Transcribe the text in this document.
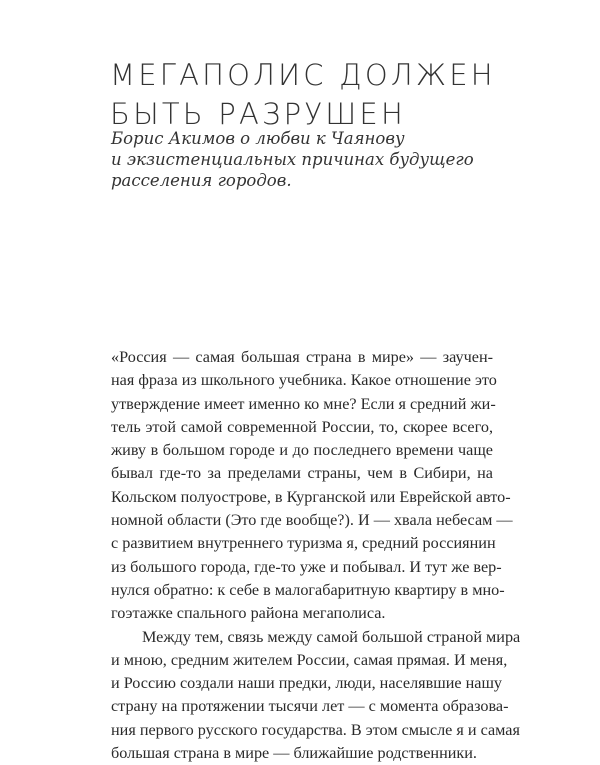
МЕГАПОЛИС ДОЛЖЕН
БЫТЬ РАЗРУШЕН
Борис Акимов о любви к Чаянову
и экзистенциальных причинах будущего
расселения городов.
«Россия — самая большая страна в мире» — заучен-
ная фраза из школьного учебника. Какое отношение это
утверждение имеет именно ко мне? Если я средний жи-
тель этой самой современной России, то, скорее всего,
живу в большом городе и до последнего времени чаще
бывал где-то за пределами страны, чем в Сибири, на
Кольском полуострове, в Курганской или Еврейской авто-
номной области (Это где вообще?). И — хвала небесам —
с развитием внутреннего туризма я, средний россиянин
из большого города, где-то уже и побывал. И тут же вер-
нулся обратно: к себе в малогабаритную квартиру в мно-
гоэтажке спального района мегаполиса.
Между тем, связь между самой большой страной мира
и мною, средним жителем России, самая прямая. И меня,
и Россию создали наши предки, люди, населявшие нашу
страну на протяжении тысячи лет — с момента образова-
ния первого русского государства. В этом смысле я и самая
большая страна в мире — ближайшие родственники.
